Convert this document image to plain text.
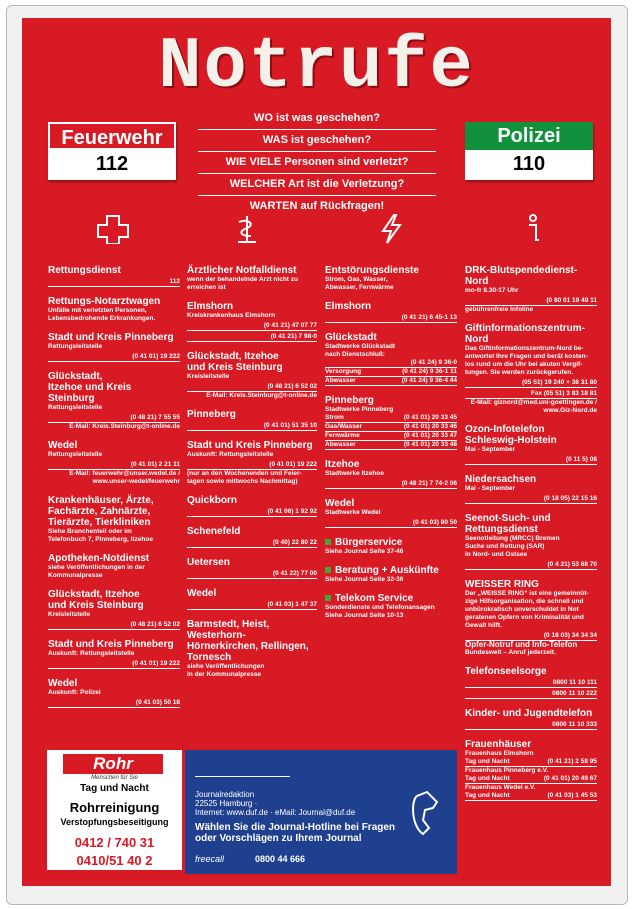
Notrufe
Feuerwehr
112
Polizei
110
WO ist was geschehen?
WAS ist geschehen?
WIE VIELE Personen sind verletzt?
WELCHER Art ist die Verletzung?
WARTEN auf Rückfragen!
Rettungsdienst
112
Rettungs-Notarztwagen
Unfälle mit verletzten Personen,
Lebensbedrohende Erkrankungen.
Stadt und Kreis Pinneberg
Rettungsleitstelle
(0 41 01) 19 222
Glückstadt,
Itzehoe und Kreis Steinburg
Rettungsleitstelle
(0 48 21) 7 55 55
E-Mail: Kreis.Steinburg@t-online.de
Wedel
Rettungsleitstelle
(0 41 01) 2 21 11
E-Mail: feuerwehr@unser.wedel.de / www.unser-wedel/feuerwehr
Krankenhäuser, Ärzte,
Fachärzte, Zahnärzte, Tierärzte, Tierkliniken
Siehe Branchenteil oder im
Telefonbuch 7, Pinneberg, Itzehoe
Apotheken-Notdienst
siehe Veröffentlichungen in der
Kommunalpresse
Glückstadt, Itzehoe
und Kreis Steinburg
Kreisleitstelle
(0 48 21) 6 52 02
Stadt und Kreis Pinneberg
Auskunft: Rettungsleitstelle
(0 41 01) 19 222
Wedel
Auskunft: Polizei
(0 41 03) 50 18
Ärztlicher Notfalldienst
wenn der behandelnde Arzt nicht zu
erreichen ist
Elmshorn
Kreiskrankenhaus Elmshorn
(0 41 21) 47 07 77
(0 41 21) 7 98-0
Glückstadt, Itzehoe
und Kreis Steinburg
Kreisleitstelle
(0 48 21) 6 52 02
E-Mail: Kreis.Steinburg@t-online.de
Pinneberg
(0 41 01) 51 35 10
Stadt und Kreis Pinneberg
Auskunft: Rettungsleitstelle
(0 41 01) 19 222
(nur an den Wochenenden und Feier-
tagen sowie mittwochs Nachmittag)
Quickborn
(0 41 06) 1 92 92
Schenefeld
(0 40) 22 80 22
Uetersen
(0 41 22) 77 00
Wedel
(0 41 03) 1 47 37
Barmstedt, Heist, Westerhorn-
Hörnerkirchen, Rellingen, Tornesch
siehe Veröffentlichungen
in der Kommunalpresse
Entstörungsdienste
Strom, Gas, Wasser,
Abwasser, Fernwärme
Elmshorn
(0 41 21) 6 45-1 13
Glückstadt
Stadtwerke Glückstadt
nach Dienstschluß:
(0 41 24) 9 36-0
Versorgung	(0 41 24) 9 36-1 11
Abwasser	(0 41 24) 9 36-4 44
Pinneberg
Stadtwerke Pinneberg
Strom	(0 41 01) 20 33 45
Gas/Wasser	(0 41 01) 20 33 46
Fernwärme	(0 41 01) 20 33 47
Abwasser	(0 41 01) 20 33 48
Itzehoe
Stadtwerke Itzehoe
(0 48 21) 7 74-2 06
Wedel
Stadtwerke Wedel
(0 41 03) 80 50
Bürgerservice
Siehe Journal Seite 37-46
Beratung + Auskünfte
Siehe Journal Seite 32-36
Telekom Service
Sonderdienste und Telefonansagen
Siehe Journal Seite 10-13
DRK-Blutspendedienst-
Nord
mo-fr 8.30-17 Uhr
(0 80 01 19 49 11
gebührenfreie Infoline
Giftinformationszentrum-
Nord
Das Giftinformationszentrum-Nord be-
antwortet Ihre Fragen und berät kosten-
los rund um die Uhr bei akuten Vergif-
tungen. Sie werden zurückgerufen.
(05 51) 19 240 + 38 31 80
Fax (05 51) 3 83 18 81
E-Mail: giznord@med.uni-goettingen.de / www.Giz-Nord.de
Ozon-Infotelefon
Schleswig-Holstein
Mai - September
(0 11 5) 08
Niedersachsen
Mai - September
(0 18 05) 22 15 16
Seenot-Such- und
Rettungsdienst
Seenotleitung (MRCC) Bremen
Suche und Rettung (SAR)
in Nord- und Ostsee
(0 4 21) 53 68 70
WEISSER RING
Der „WEISSE RING“ ist eine gemeinnüt-
zige Hilfsorganisation, die schnell und
unbürokratisch unverschuldet in Not
geratenen Opfern von Kriminalität und
Gewalt hilft.
(0 18 03) 34 34 34
Opfer-Notruf und Info-Telefon
Bundesweit – Anruf jederzeit.
Telefonseelsorge
0800 11 10 111
0800 11 10 222
Kinder- und Jugendtelefon
0800 11 10 333
Frauenhäuser
Frauenhaus Elmshorn
Tag und Nacht	(0 41 21) 2 58 95
Frauenhaus Pinneberg e.V.
Tag und Nacht	(0 41 01) 20 49 67
Frauenhaus Wedel e.V.
Tag und Nacht	(0 41 03) 1 45 53
Rohr
Menschen für Sie
Tag und Nacht
Rohrreinigung
Verstopfungsbeseitigung
0412 / 740 31
0410/51 40 2
Journalredaktion
22525 Hamburg ·
Internet: www.duf.de · eMail: Journal@duf.de
Wählen Sie die Journal-Hotline bei Fragen
oder Vorschlägen zu Ihrem Journal
freecall	0800 44 666
